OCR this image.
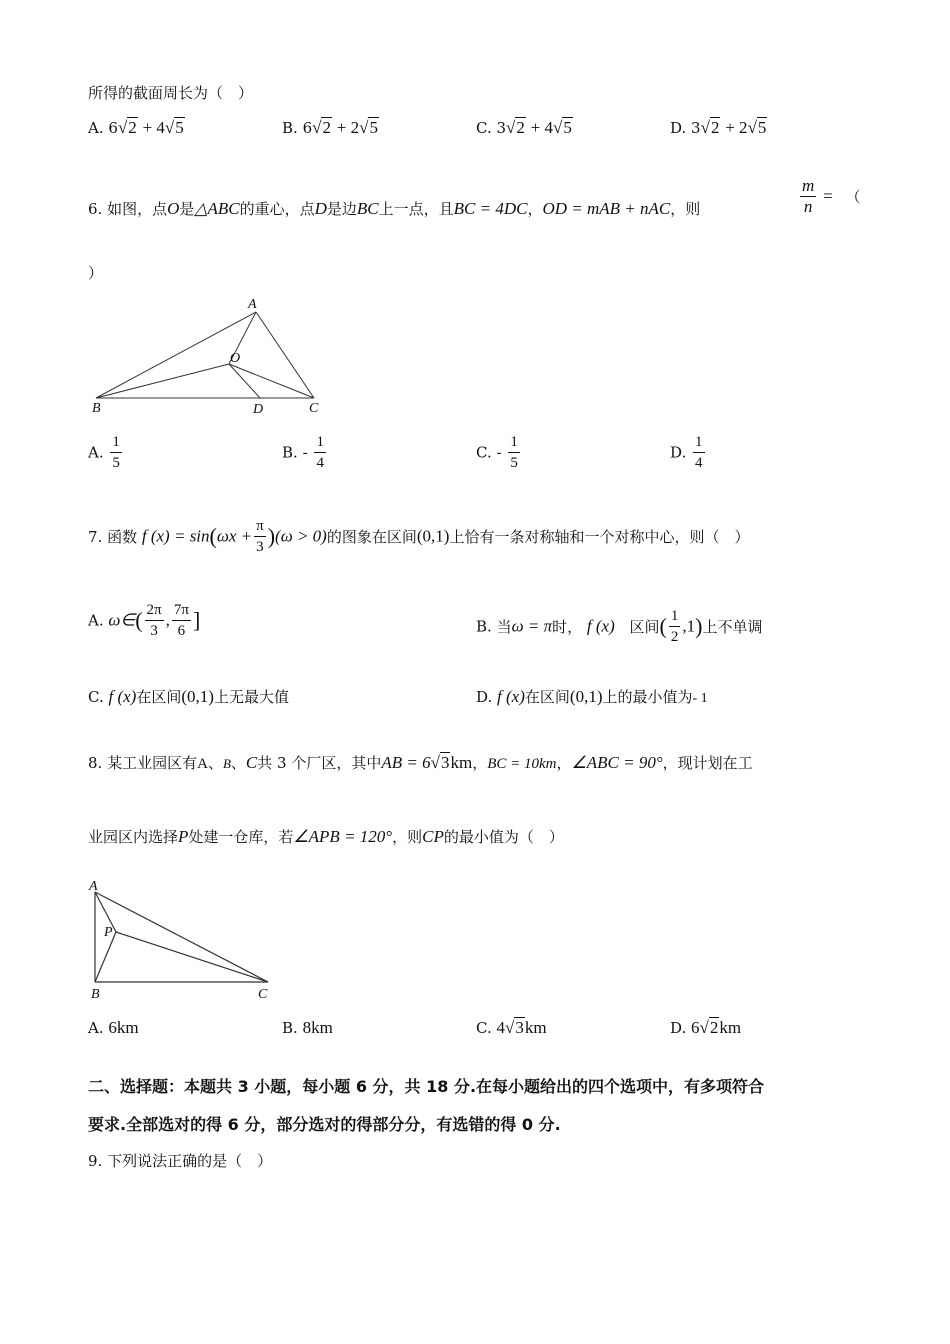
所得的截面周长为（　）
A. 6√2 + 4√5	B. 6√2 + 2√5	C. 3√2 + 4√5	D. 3√2 + 2√5
6. 如图，点O是△ABC的重心，点D是边BC上一点，且BC = 4DC，OD = mAB + nAC，则	$\frac{m}{n}$ = （
）
A
O
B	D	C
A. $\frac{1}{5}$	B. - $\frac{1}{4}$	C. - $\frac{1}{5}$	D. $\frac{1}{4}$
7. 函数 f $(x) = \sin(\omega x + \frac{\pi}{3} )(\omega > 0)$的图象在区间(0,1)上恰有一条对称轴和一个对称中心，则（　）
A. ω∈( $\frac{2\pi}{3}$ , $\frac{7\pi}{6}$ ]	B. 当ω = π时， f (x) 区间( $\frac{1}{2} ,1$)上不单调
C. f (x)在区间(0,1)上无最大值	D. f (x)在区间(0,1)上的最小值为- 1
8. 某工业园区有A、B、C共 3 个厂区，其中AB = 6√3km，BC = 10km，∠ABC = 90°，现计划在工
业园区内选择P处建一仓库，若∠APB = 120°，则CP的最小值为（　）
A
P
B	C
A. 6km	B. 8km	C. 4√3km	D. 6√2km
二、选择题：本题共 3 小题，每小题 6 分，共 18 分.在每小题给出的四个选项中，有多项符合
要求.全部选对的得 6 分，部分选对的得部分分，有选错的得 0 分.
9. 下列说法正确的是（　）
